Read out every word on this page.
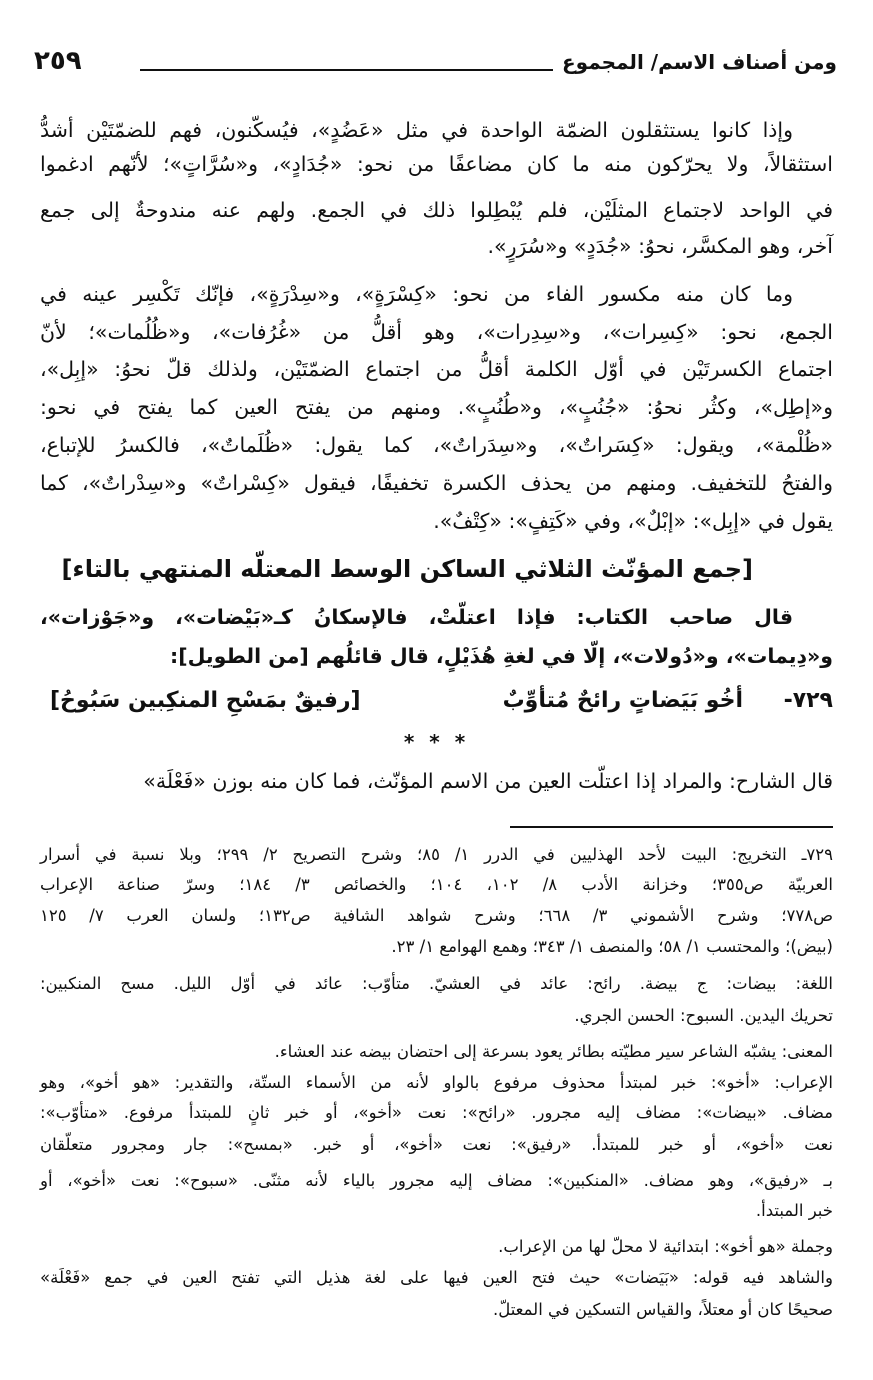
ومن أصناف الاسم/ المجموع
٢٥٩
وإذا كانوا يستثقلون الضمّة الواحدة في مثل «عَضُدٍ»، فيُسكّنون، فهم للضمّتَيْن أشدُّ
استثقالاً، ولا يحرّكون منه ما كان مضاعفًا من نحو: «جُدَادٍ»، و«سُرَّاتٍ»؛ لأنّهم ادغموا
في الواحد لاجتماع المثلَيْن، فلم يُبْطِلوا ذلك في الجمع. ولهم عنه مندوحةٌ إلى جمع
آخر، وهو المكسَّر، نحوُ: «جُدَدٍ» و«سُرَرٍ».
وما كان منه مكسور الفاء من نحو: «كِسْرَةٍ»، و«سِدْرَةٍ»، فإنّك تَكْسِر عينه في
الجمع، نحو: «كِسِرات»، و«سِدِرات»، وهو أقلُّ من «غُرُفات»، و«ظُلُمات»؛ لأنّ
اجتماع الكسرتَيْن في أوّل الكلمة أقلُّ من اجتماع الضمّتَيْن، ولذلك قلّ نحوُ: «إبِل»،
و«إطِل»، وكثُر نحوُ: «جُنُبٍ»، و«طُنُبٍ». ومنهم من يفتح العين كما يفتح في نحو:
«ظُلْمة»، ويقول: «كِسَراتٌ»، و«سِدَراتٌ»، كما يقول: «ظُلَماتٌ»، فالكسرُ للإتباع،
والفتحُ للتخفيف. ومنهم من يحذف الكسرة تخفيفًا، فيقول «كِسْراتٌ» و«سِدْراتٌ»، كما
يقول في «إبِل»: «إبْلٌ»، وفي «كَتِفٍ»: «كِتْفٌ».
[جمع المؤنّث الثلاثي الساكن الوسط المعتلّه المنتهي بالتاء]
قال صاحب الكتاب: فإذا اعتلّتْ، فالإسكانُ كـ«بَيْضات»، و«جَوْزات»،
و«دِيمات»، و«دُولات»، إلّا في لغةِ هُذَيْلٍ، قال قائلُهم [من الطويل]:
٧٢٩-
أخُو بَيَضاتٍ رائحٌ مُتأوِّبٌ
[رفيقٌ بمَسْحِ المنكِبين سَبُوحُ]
* * *
قال الشارح: والمراد إذا اعتلّت العين من الاسم المؤنّث، فما كان منه بوزن «فَعْلَة»
٧٢٩ـ التخريج: البيت لأحد الهذليين في الدرر ١/ ٨٥؛ وشرح التصريح ٢/ ٢٩٩؛ وبلا نسبة في أسرار
العربيّة ص٣٥٥؛ وخزانة الأدب ٨/ ١٠٢، ١٠٤؛ والخصائص ٣/ ١٨٤؛ وسرّ صناعة الإعراب
ص٧٧٨؛ وشرح الأشموني ٣/ ٦٦٨؛ وشرح شواهد الشافية ص١٣٢؛ ولسان العرب ٧/ ١٢٥
(بيض)؛ والمحتسب ١/ ٥٨؛ والمنصف ١/ ٣٤٣؛ وهمع الهوامع ١/ ٢٣.
اللغة: بيضات: ج بيضة. رائح: عائد في العشيّ. متأوّب: عائد في أوّل الليل. مسح المنكبين:
تحريك اليدين. السبوح: الحسن الجري.
المعنى: يشبّه الشاعر سير مطيّته بطائر يعود بسرعة إلى احتضان بيضه عند العشاء.
الإعراب: «أخو»: خبر لمبتدأ محذوف مرفوع بالواو لأنه من الأسماء الستّة، والتقدير: «هو أخو»، وهو
مضاف. «بيضات»: مضاف إليه مجرور. «رائح»: نعت «أخو»، أو خبر ثانٍ للمبتدأ مرفوع. «متأوّب»:
نعت «أخو»، أو خبر للمبتدأ. «رفيق»: نعت «أخو»، أو خبر. «بمسح»: جار ومجرور متعلّقان
بـ «رفيق»، وهو مضاف. «المنكبين»: مضاف إليه مجرور بالياء لأنه مثنّى. «سبوح»: نعت «أخو»، أو
خبر المبتدأ.
وجملة «هو أخو»: ابتدائية لا محلّ لها من الإعراب.
والشاهد فيه قوله: «بَيَضات» حيث فتح العين فيها على لغة هذيل التي تفتح العين في جمع «فَعْلَة»
صحيحًا كان أو معتلاً، والقياس التسكين في المعتلّ.
